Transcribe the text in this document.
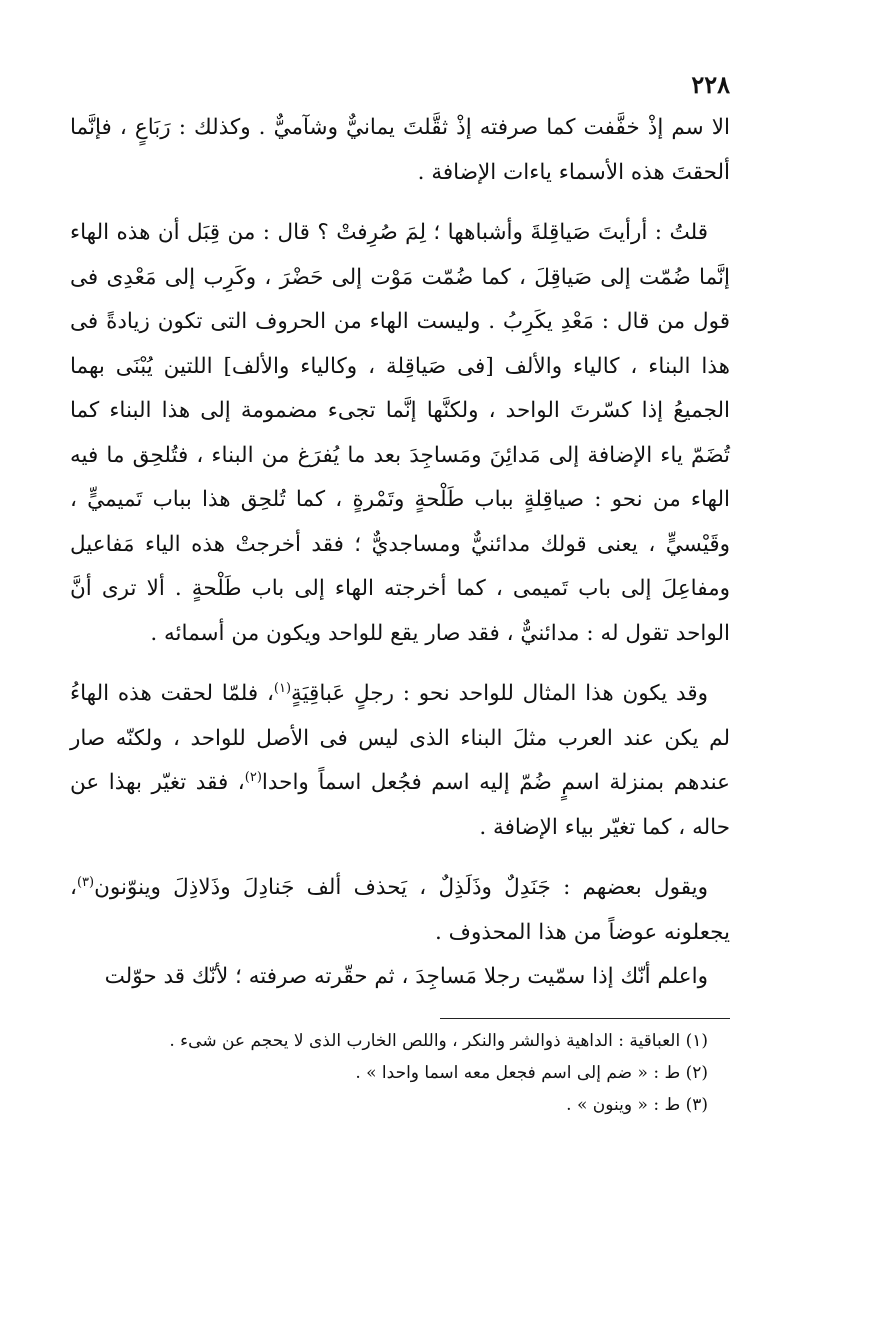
٢٢٨

الا سم إذْ خفَّفت كما صرفته إذْ ثقَّلتَ يمانيٌّ وشآميٌّ . وكذلك : رَبَاعٍ ، فإنَّما ألحقتَ هذه الأسماء ياءات الإضافة .

قلتُ : أرأيتَ صَياقِلةَ وأشباهها ؛ لِمَ صُرِفتْ ؟ قال : من قِبَل أن هذه الهاء إنَّما ضُمّت إلى صَياقِلَ ، كما ضُمّت مَوْت إلى حَضْرَ ، وكَرِب إلى مَعْدِى فى قول من قال : مَعْدِ يكَرِبُ . وليست الهاء من الحروف التى تكون زيادةً فى هذا البناء ، كالياء والألف [فى صَياقِلة ، وكالياء والألف] اللتين يُبْنَى بهما الجميعُ إذا كسّرتَ الواحد ، ولكنَّها إنَّما تجىء مضمومة إلى هذا البناء كما تُضَمّ ياء الإضافة إلى مَدائِنَ ومَساجِدَ بعد ما يُفرَغ من البناء ، فتُلحِق ما فيه الهاء من نحو : صياقِلةٍ بباب طَلْحةٍ وتَمْرةٍ ، كما تُلحِق هذا بباب تَميميٍّ ، وقَيْسيٍّ ، يعنى قولك مدائنيٌّ ومساجديٌّ ؛ فقد أخرجتْ هذه الياء مَفاعيل ومفاعِلَ إلى باب تَميمى ، كما أخرجته الهاء إلى باب طَلْحةٍ . ألا ترى أنَّ الواحد تقول له : مدائنيٌّ ، فقد صار يقع للواحد ويكون من أسمائه .

وقد يكون هذا المثال للواحد نحو : رجلٍ عَباقِيَةٍ$^{(١)}$، فلمّا لحقت هذه الهاءُ لم يكن عند العرب مثلَ البناء الذى ليس فى الأصل للواحد ، ولكنّه صار عندهم بمنزلة اسمٍ ضُمّ إليه اسم فجُعل اسماً واحدا$^{(٢)}$، فقد تغيّر بهذا عن حاله ، كما تغيّر بياء الإضافة .

ويقول بعضهم : جَنَدِلٌ وذَلَذِلٌ ، يَحذف ألف جَنادِلَ وذَلاذِلَ وينوّنون$^{(٣)}$، يجعلونه عوضاً من هذا المحذوف .

واعلم أنّك إذا سمّيت رجلا مَساجِدَ ، ثم حقّرته صرفته ؛ لأنّك قد حوّلت

(١) العباقية : الداهية ذوالشر والنكر ، واللص الخارب الذى لا يحجم عن شىء .

(٢) ط : « ضم إلى اسم فجعل معه اسما واحدا » .

(٣) ط : « وينون » .
